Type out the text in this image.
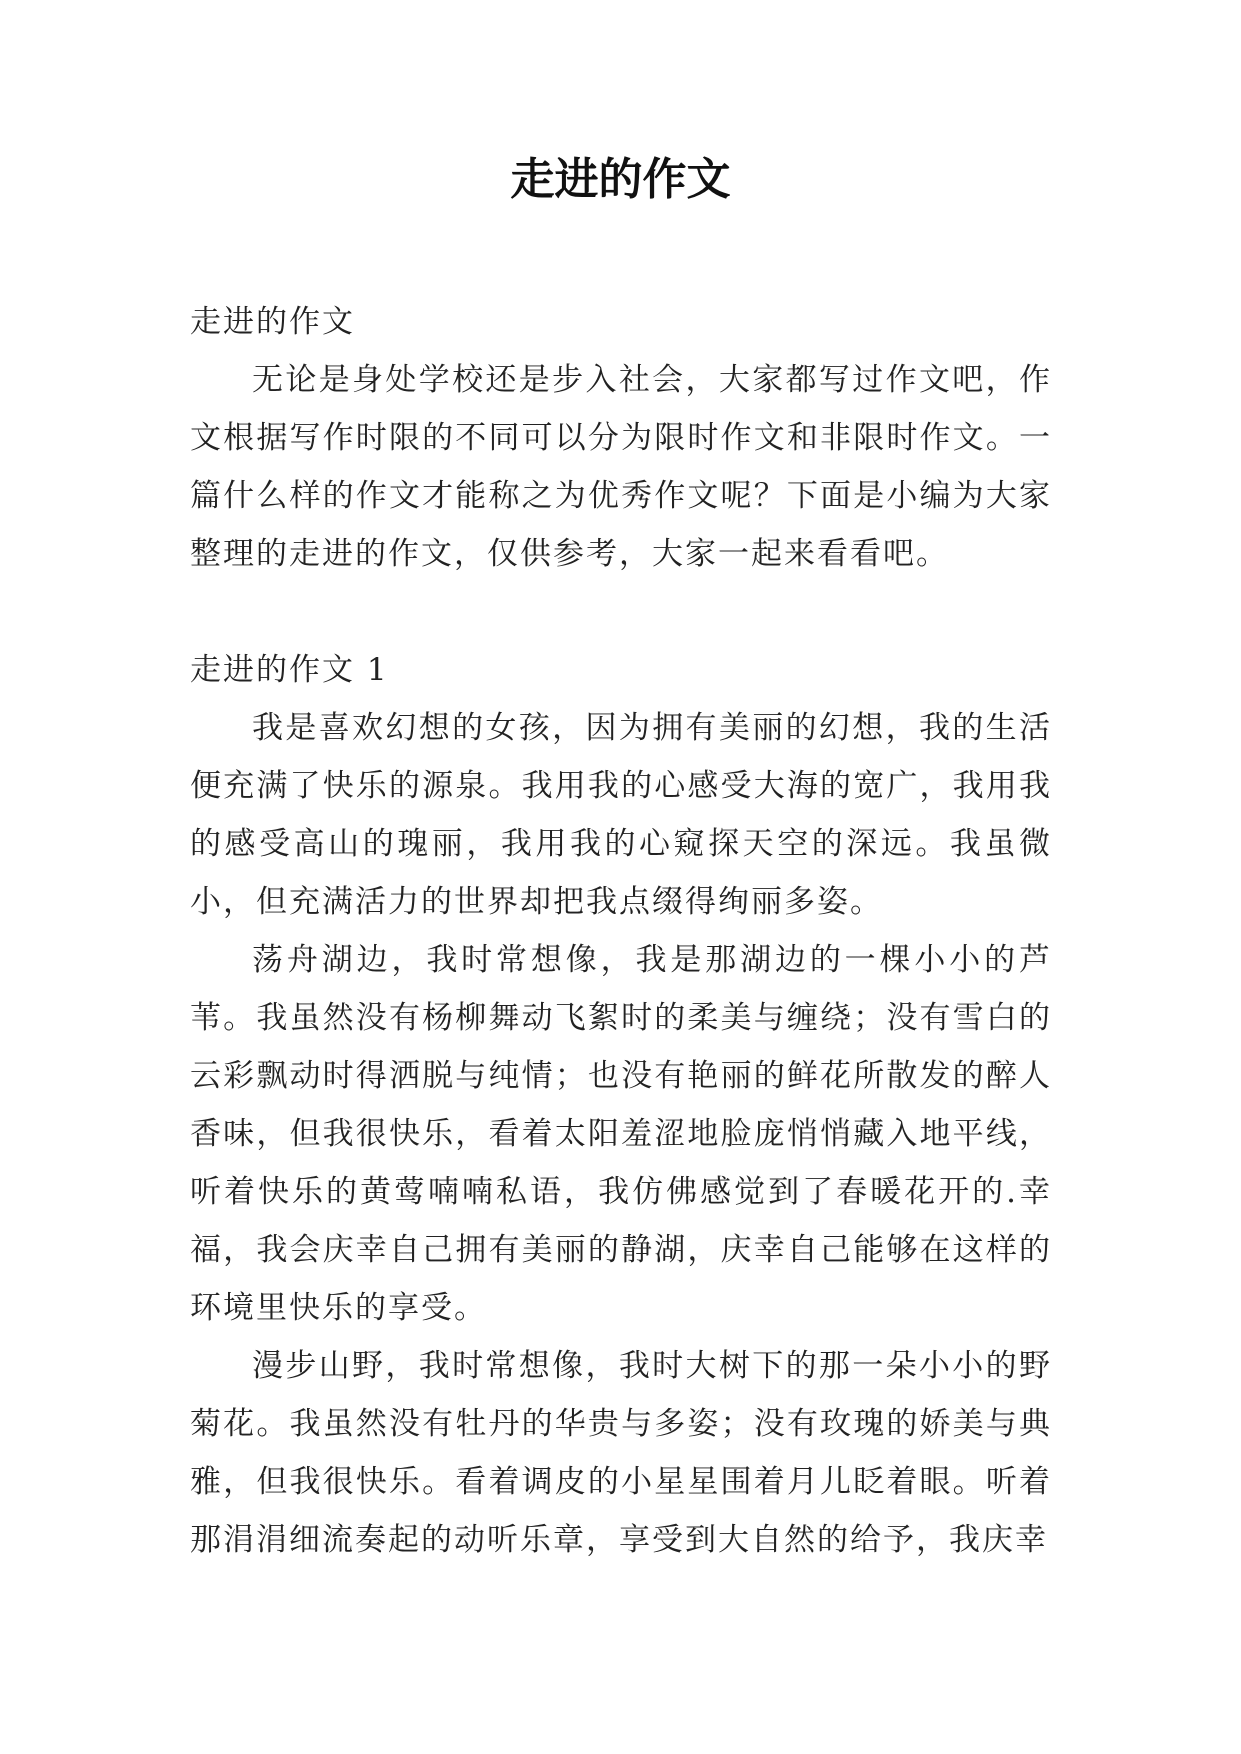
走进的作文

走进的作文

无论是身处学校还是步入社会，大家都写过作文吧，作文根据写作时限的不同可以分为限时作文和非限时作文。一篇什么样的作文才能称之为优秀作文呢？下面是小编为大家整理的走进的作文，仅供参考，大家一起来看看吧。

走进的作文 1

我是喜欢幻想的女孩，因为拥有美丽的幻想，我的生活便充满了快乐的源泉。我用我的心感受大海的宽广，我用我的感受高山的瑰丽，我用我的心窥探天空的深远。我虽微小，但充满活力的世界却把我点缀得绚丽多姿。

荡舟湖边，我时常想像，我是那湖边的一棵小小的芦苇。我虽然没有杨柳舞动飞絮时的柔美与缠绕；没有雪白的云彩飘动时得洒脱与纯情；也没有艳丽的鲜花所散发的醉人香味，但我很快乐，看着太阳羞涩地脸庞悄悄藏入地平线，听着快乐的黄莺喃喃私语，我仿佛感觉到了春暖花开的.幸福，我会庆幸自己拥有美丽的静湖，庆幸自己能够在这样的环境里快乐的享受。

漫步山野，我时常想像，我时大树下的那一朵小小的野菊花。我虽然没有牡丹的华贵与多姿；没有玫瑰的娇美与典雅，但我很快乐。看着调皮的小星星围着月儿眨着眼。听着那涓涓细流奏起的动听乐章，享受到大自然的给予，我庆幸
